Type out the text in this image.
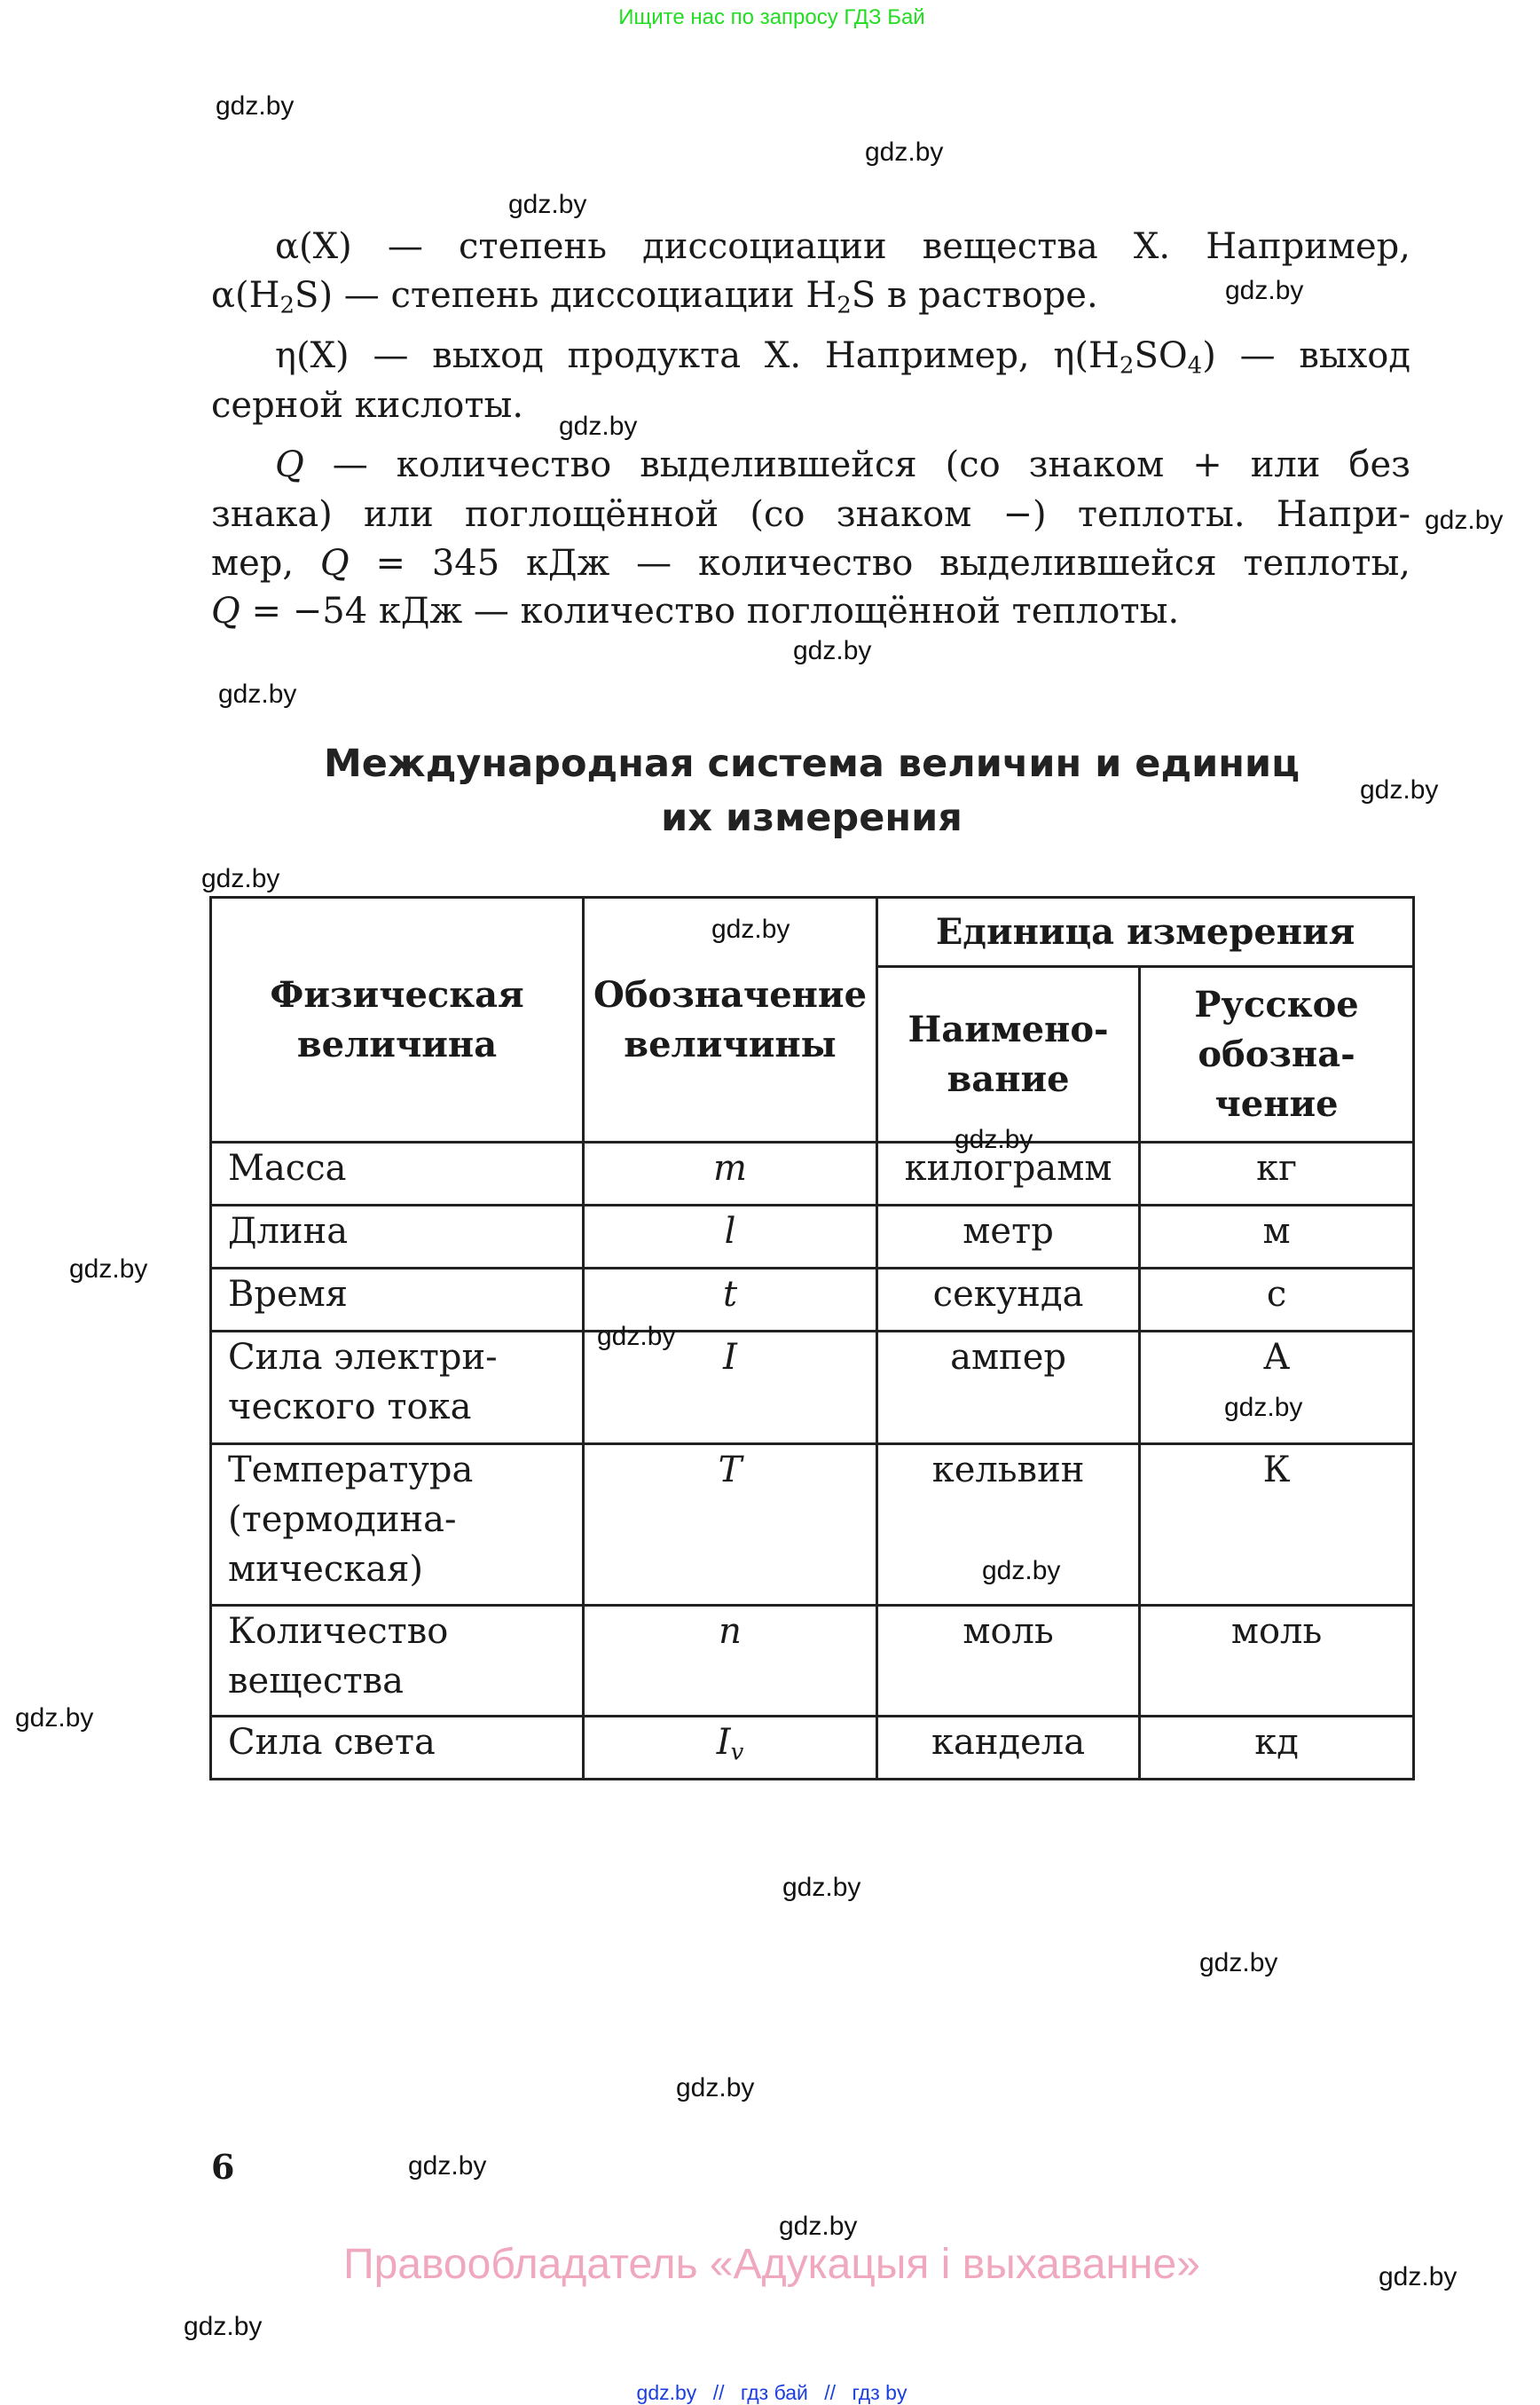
Ищите нас по запросу ГДЗ Бай
gdz.by
gdz.by
gdz.by
gdz.by
gdz.by
gdz.by
gdz.by
gdz.by
gdz.by
gdz.by
gdz.by
gdz.by
gdz.by
gdz.by
gdz.by
gdz.by
gdz.by
gdz.by
gdz.by
gdz.by
gdz.by
gdz.by
gdz.by
gdz.by
α(X) — степень диссоциации вещества X. Например,
$\alpha(H_2S)$ — степень диссоциации $H_2S$ в растворе.
η(X) — выход продукта X. Например, $\eta(H_2SO_4)$ — выход
серной кислоты.
Q — количество выделившейся (со знаком + или без
знака) или поглощённой (со знаком −) теплоты. Напри-
мер, Q = 345 кДж — количество выделившейся теплоты,
Q = −54 кДж — количество поглощённой теплоты.
Международная система величин и единиц
их измерения
Физическая величина	Обозначение величины	Единица измерения	
		Наимено-вание	Русское обозна-чение
Масса	m	килограмм	кг
Длина	l	метр	м
Время	t	секунда	с
Сила электри-ческого тока	I	ампер	А
Температура (термодина-мическая)	T	кельвин	К
Количество вещества	n	моль	моль
Сила света	$I_v$	кандела	кд
6
Правообладатель «Адукацыя і выхаванне»
gdz.by // гдз бай // гдз by
